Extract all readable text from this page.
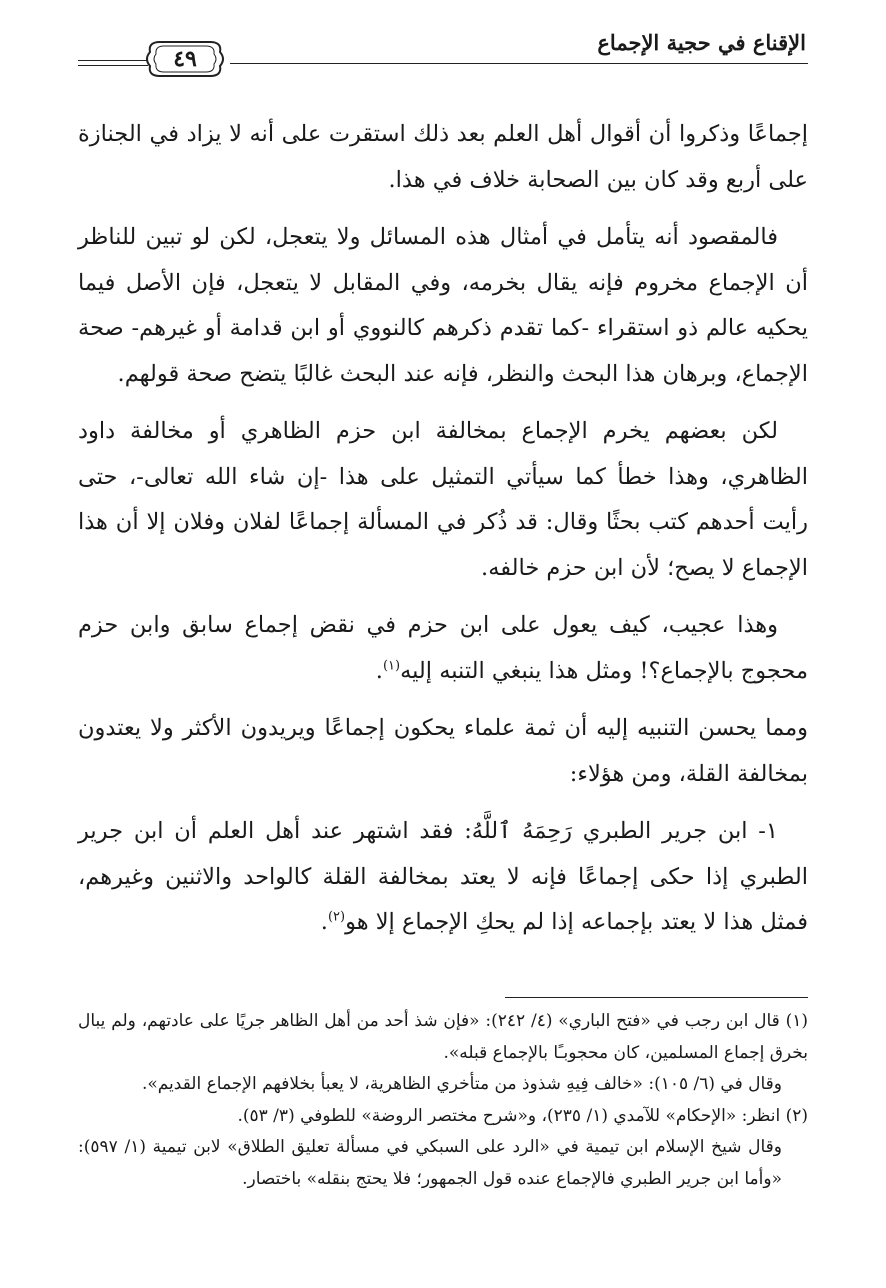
الإقناع في حجية الإجماع
٤٩

إجماعًا وذكروا أن أقوال أهل العلم بعد ذلك استقرت على أنه لا يزاد في الجنازة على أربع وقد كان بين الصحابة خلاف في هذا.

فالمقصود أنه يتأمل في أمثال هذه المسائل ولا يتعجل، لكن لو تبين للناظر أن الإجماع مخروم فإنه يقال بخرمه، وفي المقابل لا يتعجل، فإن الأصل فيما يحكيه عالم ذو استقراء -كما تقدم ذكرهم كالنووي أو ابن قدامة أو غيرهم- صحة الإجماع، وبرهان هذا البحث والنظر، فإنه عند البحث غالبًا يتضح صحة قولهم.

لكن بعضهم يخرم الإجماع بمخالفة ابن حزم الظاهري أو مخالفة داود الظاهري، وهذا خطأ كما سيأتي التمثيل على هذا -إن شاء الله تعالى-، حتى رأيت أحدهم كتب بحثًا وقال: قد ذُكر في المسألة إجماعًا لفلان وفلان إلا أن هذا الإجماع لا يصح؛ لأن ابن حزم خالفه.

وهذا عجيب، كيف يعول على ابن حزم في نقض إجماع سابق وابن حزم محجوج بالإجماع؟! ومثل هذا ينبغي التنبه إليه$^{(١)}$.

ومما يحسن التنبيه إليه أن ثمة علماء يحكون إجماعًا ويريدون الأكثر ولا يعتدون بمخالفة القلة، ومن هؤلاء:

١- ابن جرير الطبري رَحِمَهُ ٱللَّهُ: فقد اشتهر عند أهل العلم أن ابن جرير الطبري إذا حكى إجماعًا فإنه لا يعتد بمخالفة القلة كالواحد والاثنين وغيرهم، فمثل هذا لا يعتد بإجماعه إذا لم يحكِ الإجماع إلا هو$^{(٢)}$.

(١) قال ابن رجب في «فتح الباري» (٤/ ٢٤٢): «فإن شذ أحد من أهل الظاهر جريًا على عادتهم، ولم يبال بخرق إجماع المسلمين، كان محجوبـًا بالإجماع قبله».

وقال في (٦/ ١٠٥): «خالف فِيهِ شذوذ من متأخري الظاهرية، لا يعبأ بخلافهم الإجماع القديم».

(٢) انظر: «الإحكام» للآمدي (١/ ٢٣٥)، و«شرح مختصر الروضة» للطوفي (٣/ ٥٣).

وقال شيخ الإسلام ابن تيمية في «الرد على السبكي في مسألة تعليق الطلاق» لابن تيمية (١/ ٥٩٧): «وأما ابن جرير الطبري فالإجماع عنده قول الجمهور؛ فلا يحتج بنقله» باختصار.
